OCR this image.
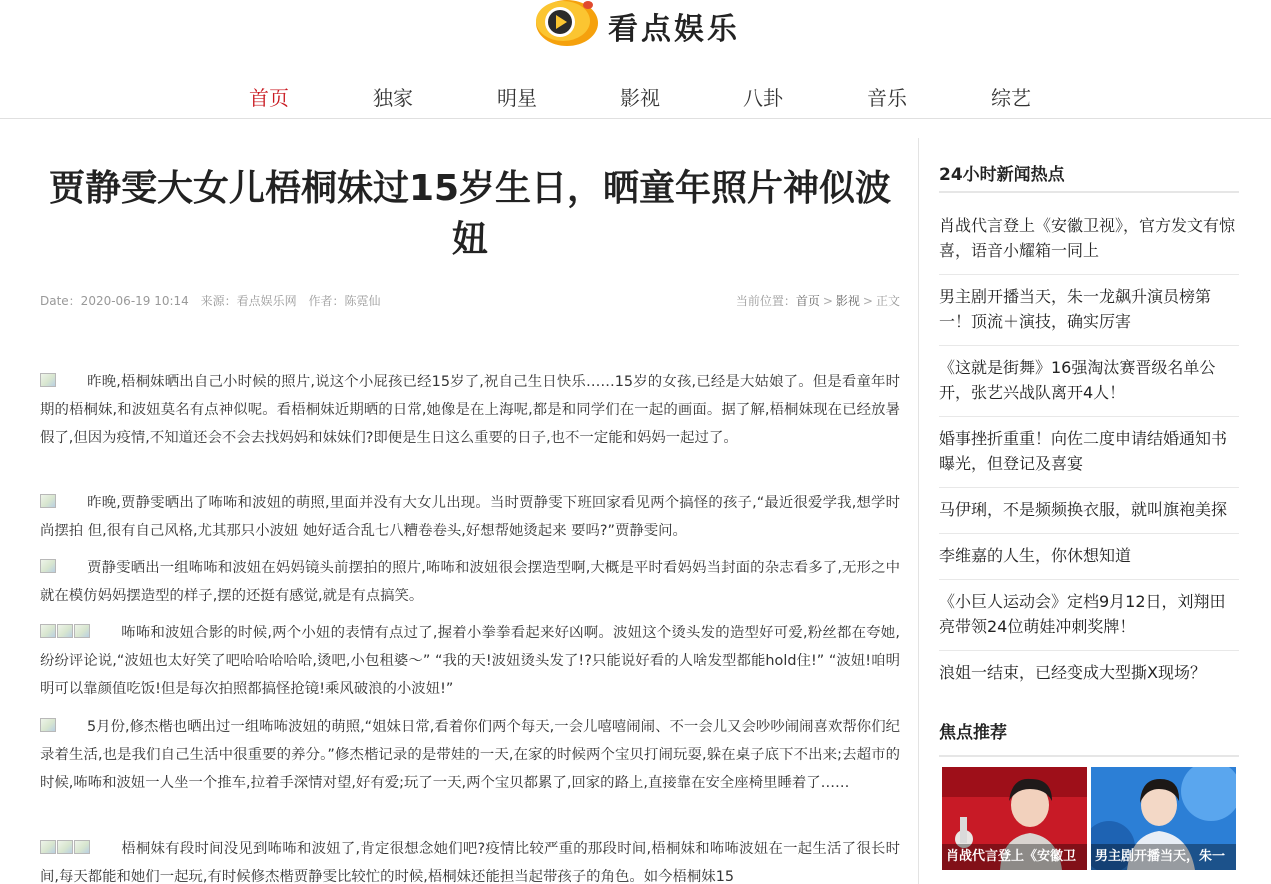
看点娱乐
首页	独家	明星	影视	八卦	音乐	综艺
贾静雯大女儿梧桐妹过15岁生日，晒童年照片神似波妞
Date：2020-06-19 10:14 来源：看点娱乐网 作者：陈霓仙	当前位置：首页 > 影视 > 正文

昨晚,梧桐妹晒出自己小时候的照片,说这个小屁孩已经15岁了,祝自己生日快乐……15岁的女孩,已经是大姑娘了。但是看童年时期的梧桐妹,和波妞莫名有点神似呢。看梧桐妹近期晒的日常,她像是在上海呢,都是和同学们在一起的画面。据了解,梧桐妹现在已经放暑假了,但因为疫情,不知道还会不会去找妈妈和妹妹们?即便是生日这么重要的日子,也不一定能和妈妈一起过了。

昨晚,贾静雯晒出了咘咘和波妞的萌照,里面并没有大女儿出现。当时贾静雯下班回家看见两个搞怪的孩子,“最近很爱学我,想学时尚摆拍 但,很有自己风格,尤其那只小波妞 她好适合乱七八糟卷卷头,好想帮她烫起来 要吗?”贾静雯问。

贾静雯晒出一组咘咘和波妞在妈妈镜头前摆拍的照片,咘咘和波妞很会摆造型啊,大概是平时看妈妈当封面的杂志看多了,无形之中就在模仿妈妈摆造型的样子,摆的还挺有感觉,就是有点搞笑。

咘咘和波妞合影的时候,两个小妞的表情有点过了,握着小拳拳看起来好凶啊。波妞这个烫头发的造型好可爱,粉丝都在夸她,纷纷评论说,“波妞也太好笑了吧哈哈哈哈哈,烫吧,小包租婆～” “我的天!波妞烫头发了!?只能说好看的人啥发型都能hold住!” “波妞!咱明明可以靠颜值吃饭!但是每次拍照都搞怪抢镜!乘风破浪的小波妞!”

5月份,修杰楷也晒出过一组咘咘波妞的萌照,“姐妹日常,看着你们两个每天,一会儿嘻嘻闹闹、不一会儿又会吵吵闹闹喜欢帮你们纪录着生活,也是我们自己生活中很重要的养分。”修杰楷记录的是带娃的一天,在家的时候两个宝贝打闹玩耍,躲在桌子底下不出来;去超市的时候,咘咘和波妞一人坐一个推车,拉着手深情对望,好有爱;玩了一天,两个宝贝都累了,回家的路上,直接靠在安全座椅里睡着了……

梧桐妹有段时间没见到咘咘和波妞了,肯定很想念她们吧?疫情比较严重的那段时间,梧桐妹和咘咘波妞在一起生活了很长时间,每天都能和她们一起玩,有时候修杰楷贾静雯比较忙的时候,梧桐妹还能担当起带孩子的角色。如今梧桐妹15

24小时新闻热点
肖战代言登上《安徽卫视》，官方发文有惊喜，语音小耀箱一同上
男主剧开播当天，朱一龙飙升演员榜第一！顶流＋演技，确实厉害
《这就是街舞》16强淘汰赛晋级名单公开，张艺兴战队离开4人！
婚事挫折重重！向佐二度申请结婚通知书曝光，但登记及喜宴
马伊琍，不是频频换衣服，就叫旗袍美探
李维嘉的人生，你休想知道
《小巨人运动会》定档9月12日，刘翔田亮带领24位萌娃冲刺奖牌！
浪姐一结束，已经变成大型撕X现场？
焦点推荐
肖战代言登上《安徽卫	男主剧开播当天，朱一
